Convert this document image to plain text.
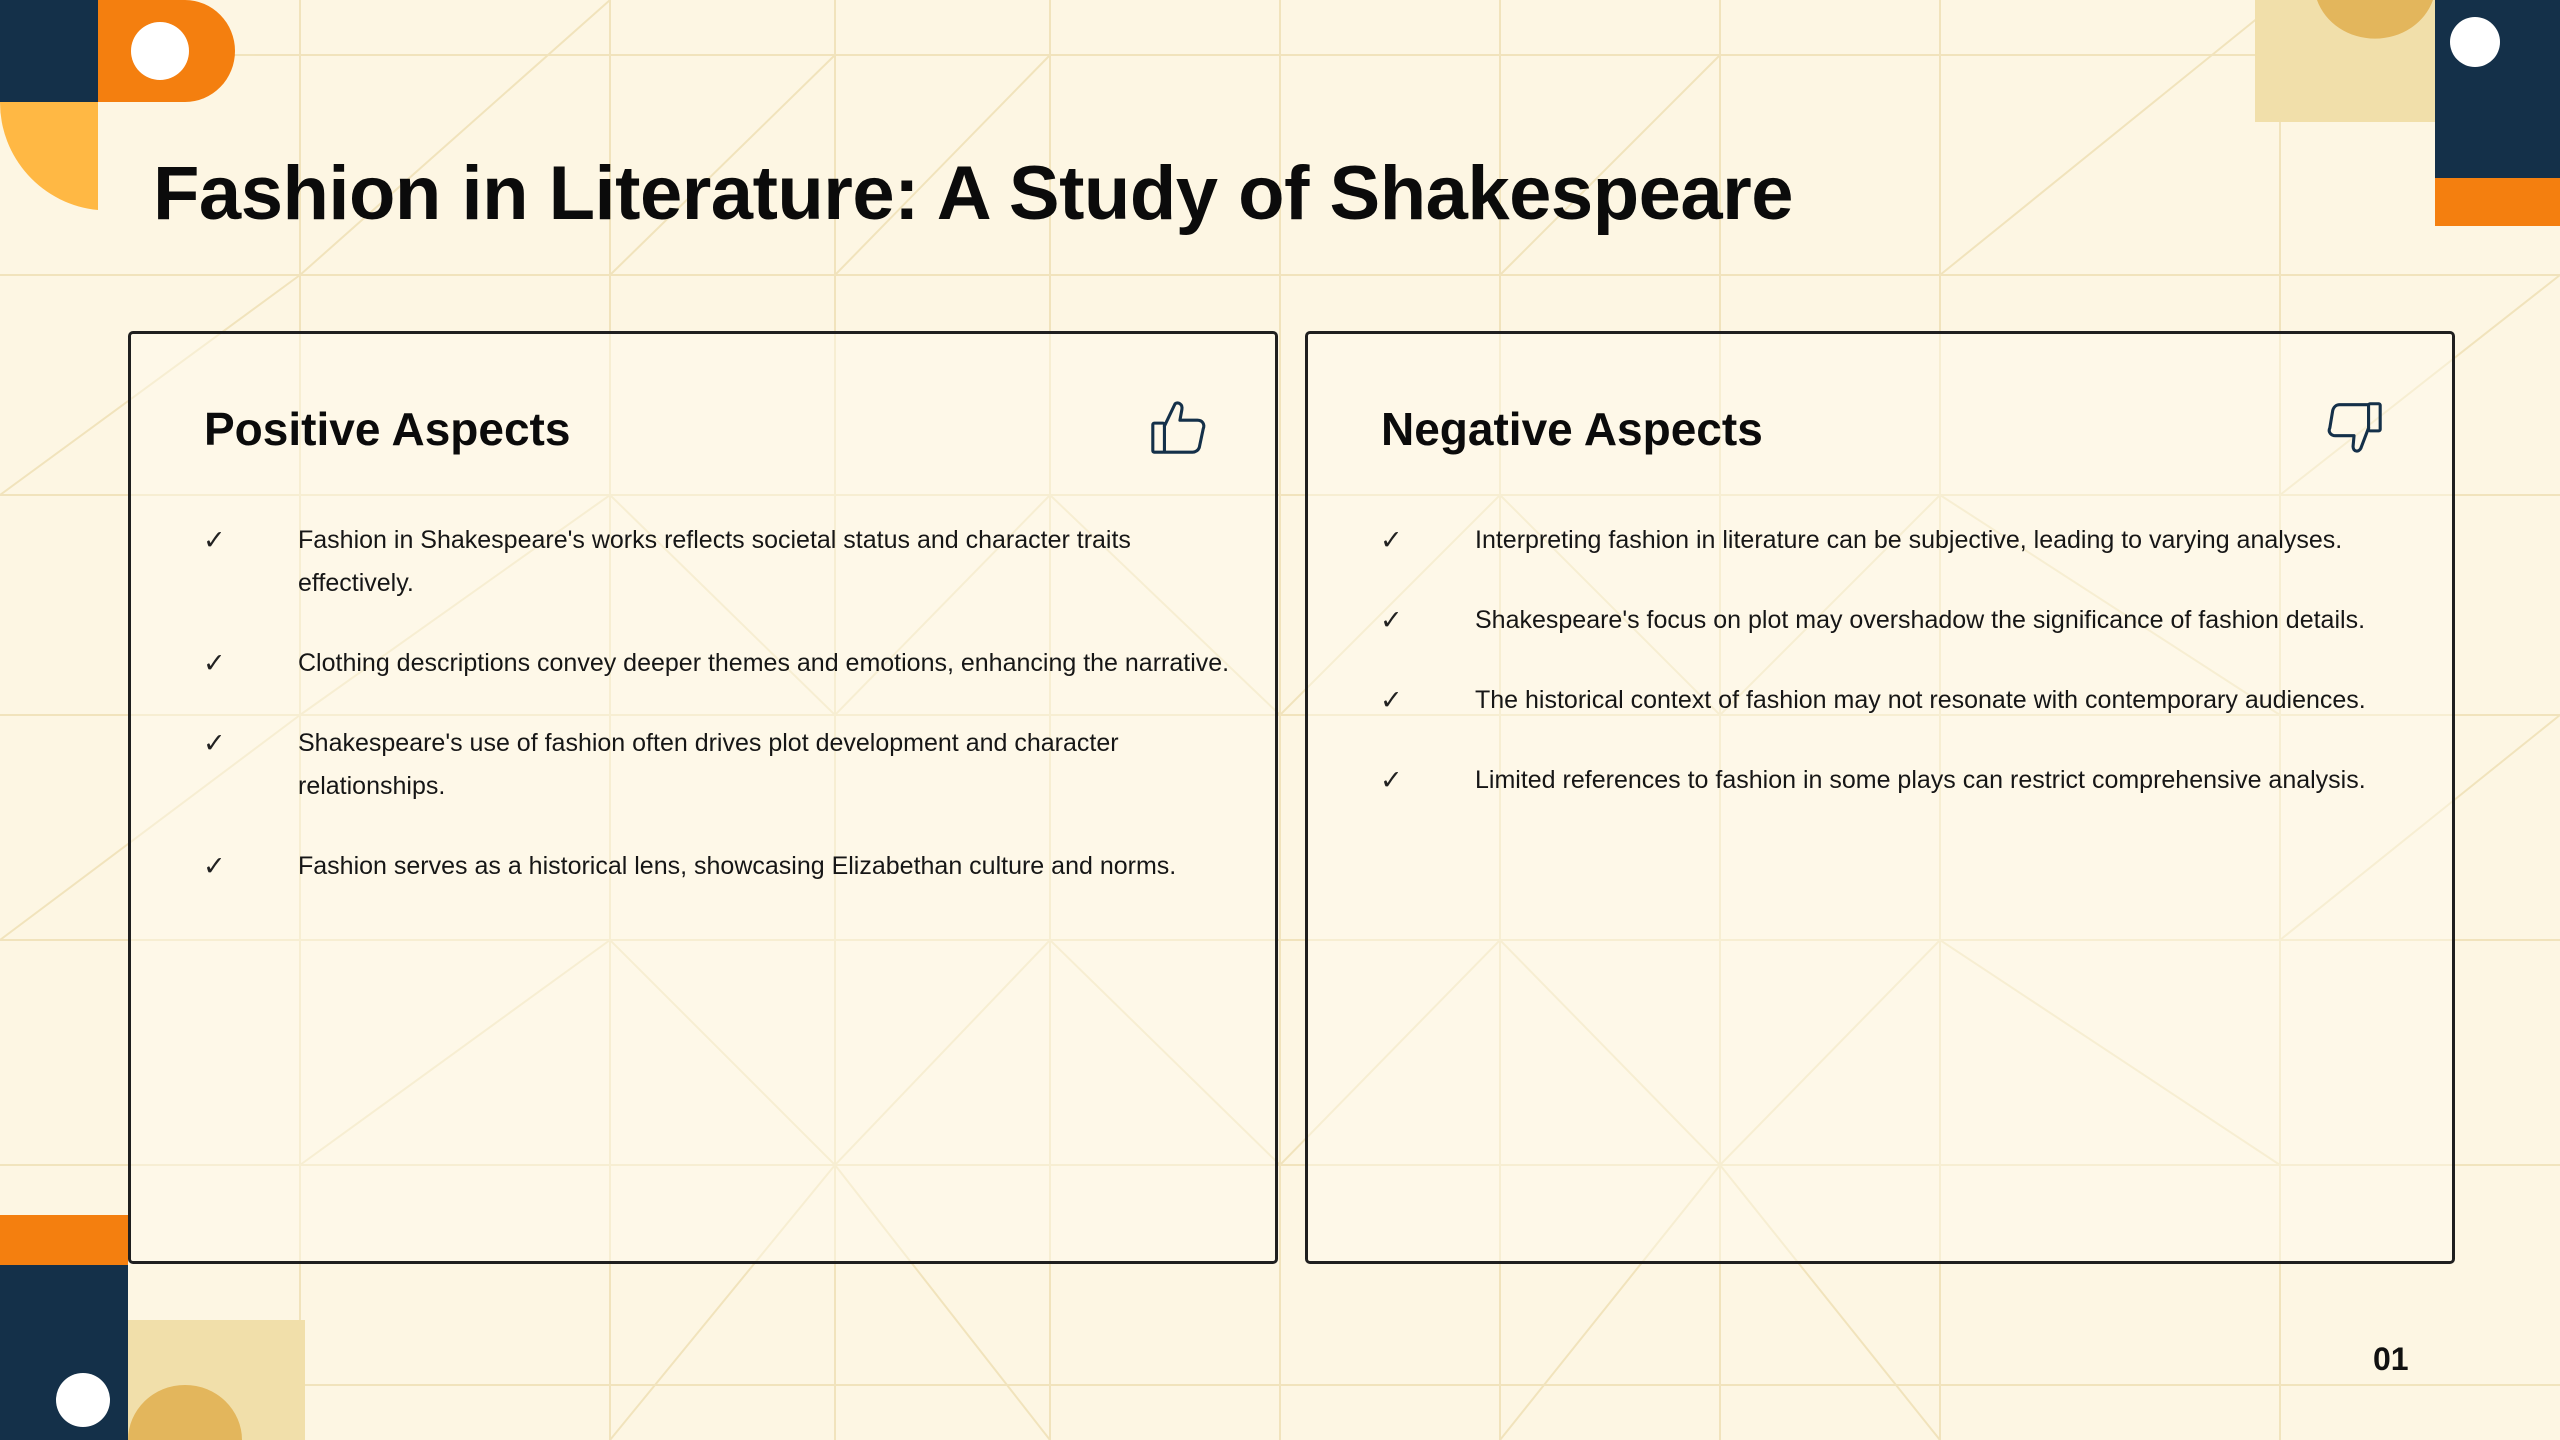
Fashion in Literature: A Study of Shakespeare
Positive Aspects
✓	Fashion in Shakespeare's works reflects societal status and character traits effectively.
✓	Clothing descriptions convey deeper themes and emotions, enhancing the narrative.
✓	Shakespeare's use of fashion often drives plot development and character relationships.
✓	Fashion serves as a historical lens, showcasing Elizabethan culture and norms.
Negative Aspects
✓	Interpreting fashion in literature can be subjective, leading to varying analyses.
✓	Shakespeare's focus on plot may overshadow the significance of fashion details.
✓	The historical context of fashion may not resonate with contemporary audiences.
✓	Limited references to fashion in some plays can restrict comprehensive analysis.
01
